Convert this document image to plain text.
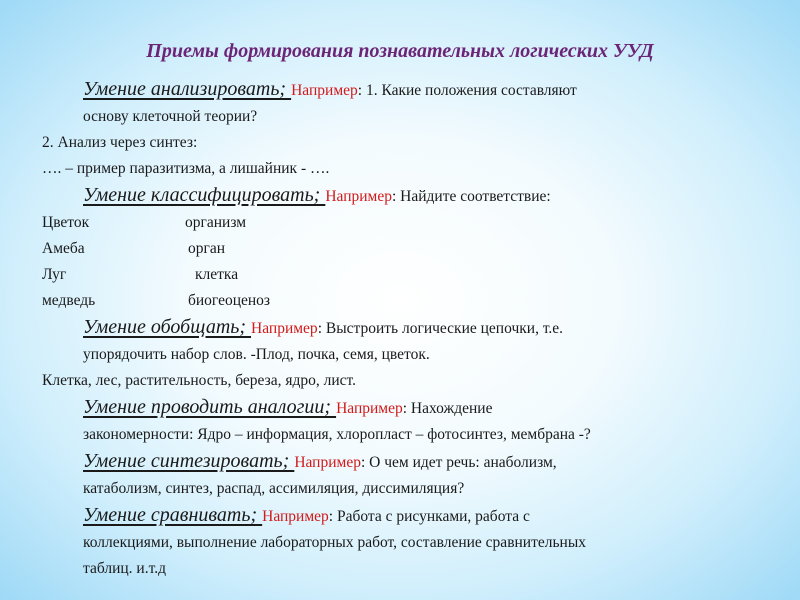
Приемы формирования познавательных логических УУД
Умение анализировать; Например: 1. Какие положения составляют
основу клеточной теории?
2. Анализ через синтез:
…. – пример паразитизма, а лишайник - ….
Умение классифицировать; Например: Найдите соответствие:
Цветок	организм
Амеба	орган
Луг	клетка
медведь	биогеоценоз
Умение обобщать; Например: Выстроить логические цепочки, т.е.
упорядочить набор слов. -Плод, почка, семя, цветок.
Клетка, лес, растительность, береза, ядро, лист.
Умение проводить аналогии; Например: Нахождение
закономерности: Ядро – информация, хлоропласт – фотосинтез, мембрана -?
Умение синтезировать; Например: О чем идет речь: анаболизм,
катаболизм, синтез, распад, ассимиляция, диссимиляция?
Умение сравнивать; Например: Работа с рисунками, работа с
коллекциями, выполнение лабораторных работ, составление сравнительных
таблиц. и.т.д
